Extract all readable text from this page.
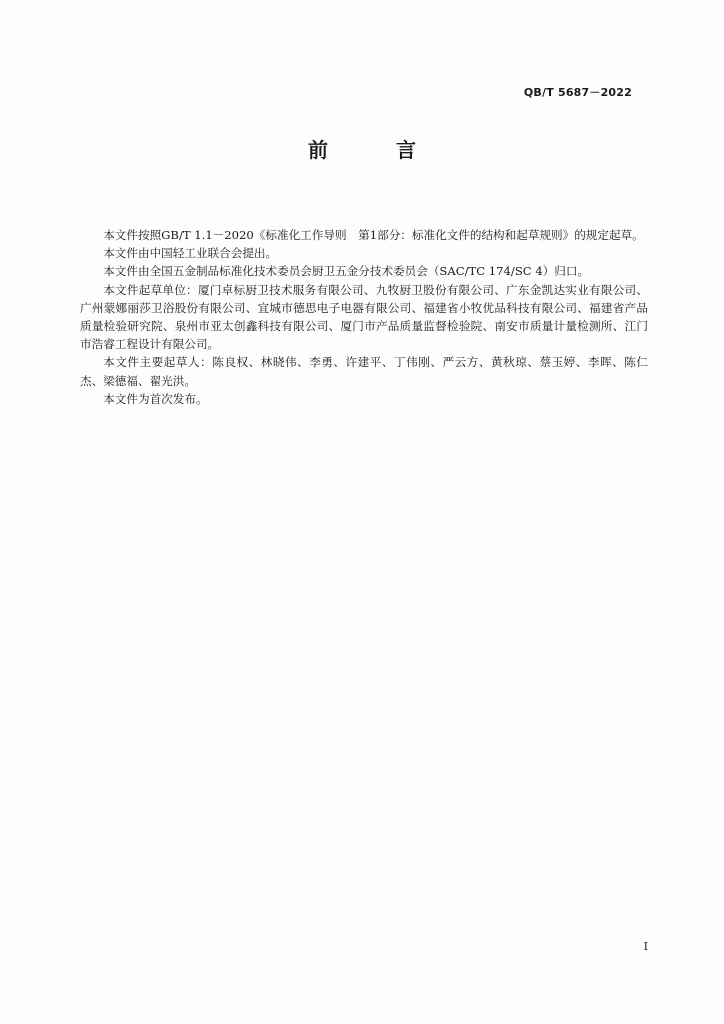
QB/T 5687－2022
前　言

本文件按照GB/T 1.1－2020《标准化工作导则　第1部分：标准化文件的结构和起草规则》的规定起草。

本文件由中国轻工业联合会提出。

本文件由全国五金制品标准化技术委员会厨卫五金分技术委员会（SAC/TC 174/SC 4）归口。

本文件起草单位：厦门卓标厨卫技术服务有限公司、九牧厨卫股份有限公司、广东金凯达实业有限公司、广州蒙娜丽莎卫浴股份有限公司、宜城市德思电子电器有限公司、福建省小牧优品科技有限公司、福建省产品质量检验研究院、泉州市亚太创鑫科技有限公司、厦门市产品质量监督检验院、南安市质量计量检测所、江门市浩睿工程设计有限公司。

本文件主要起草人：陈良权、林晓伟、李勇、许建平、丁伟刚、严云方、黄秋琼、蔡玉婷、李晖、陈仁杰、梁德福、翟光洪。

本文件为首次发布。

I
